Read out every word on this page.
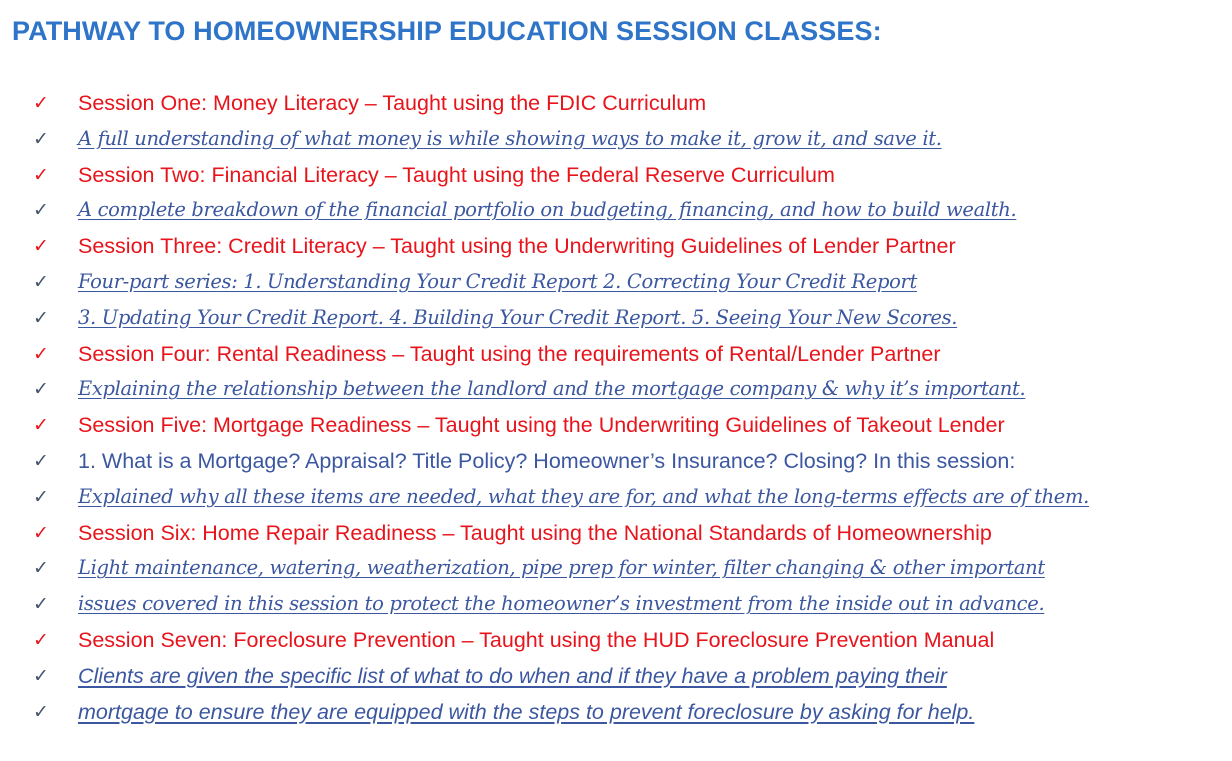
PATHWAY TO HOMEOWNERSHIP EDUCATION SESSION CLASSES:
✓ Session One: Money Literacy – Taught using the FDIC Curriculum
✓ A full understanding of what money is while showing ways to make it, grow it, and save it.
✓ Session Two: Financial Literacy – Taught using the Federal Reserve Curriculum
✓ A complete breakdown of the financial portfolio on budgeting, financing, and how to build wealth.
✓ Session Three: Credit Literacy – Taught using the Underwriting Guidelines of Lender Partner
✓ Four-part series: 1. Understanding Your Credit Report 2. Correcting Your Credit Report
✓ 3. Updating Your Credit Report. 4. Building Your Credit Report. 5. Seeing Your New Scores.
✓ Session Four: Rental Readiness – Taught using the requirements of Rental/Lender Partner
✓ Explaining the relationship between the landlord and the mortgage company & why it’s important.
✓ Session Five: Mortgage Readiness – Taught using the Underwriting Guidelines of Takeout Lender
✓ 1. What is a Mortgage? Appraisal? Title Policy? Homeowner’s Insurance? Closing? In this session:
✓ Explained why all these items are needed, what they are for, and what the long-terms effects are of them.
✓ Session Six: Home Repair Readiness – Taught using the National Standards of Homeownership
✓ Light maintenance, watering, weatherization, pipe prep for winter, filter changing & other important
✓ issues covered in this session to protect the homeowner’s investment from the inside out in advance.
✓ Session Seven: Foreclosure Prevention – Taught using the HUD Foreclosure Prevention Manual
✓ Clients are given the specific list of what to do when and if they have a problem paying their
✓ mortgage to ensure they are equipped with the steps to prevent foreclosure by asking for help.
